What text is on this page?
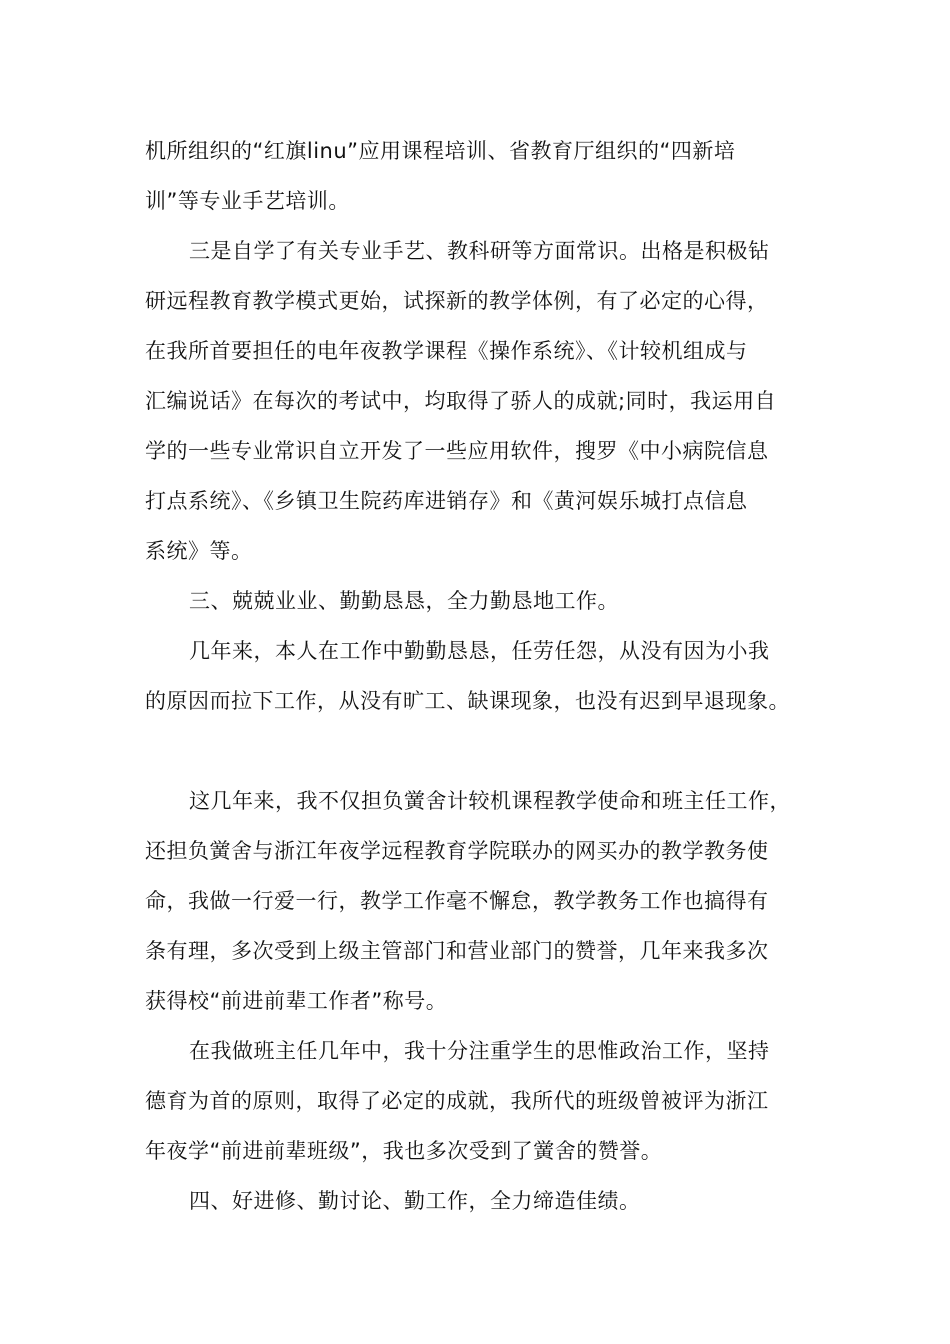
机所组织的“红旗linu”应用课程培训、省教育厅组织的“四新培
训”等专业手艺培训。
三是自学了有关专业手艺、教科研等方面常识。出格是积极钻
研远程教育教学模式更始，试探新的教学体例，有了必定的心得，
在我所首要担任的电年夜教学课程《操作系统》、《计较机组成与
汇编说话》在每次的考试中，均取得了骄人的成就;同时，我运用自
学的一些专业常识自立开发了一些应用软件，搜罗《中小病院信息
打点系统》、《乡镇卫生院药库进销存》和《黄河娱乐城打点信息
系统》等。
三、兢兢业业、勤勤恳恳，全力勤恳地工作。
几年来，本人在工作中勤勤恳恳，任劳任怨，从没有因为小我
的原因而拉下工作，从没有旷工、缺课现象，也没有迟到早退现象。
这几年来，我不仅担负黉舍计较机课程教学使命和班主任工作，
还担负黉舍与浙江年夜学远程教育学院联办的网买办的教学教务使
命，我做一行爱一行，教学工作毫不懈怠，教学教务工作也搞得有
条有理，多次受到上级主管部门和营业部门的赞誉，几年来我多次
获得校“前进前辈工作者”称号。
在我做班主任几年中，我十分注重学生的思惟政治工作，坚持
德育为首的原则，取得了必定的成就，我所代的班级曾被评为浙江
年夜学“前进前辈班级”，我也多次受到了黉舍的赞誉。
四、好进修、勤讨论、勤工作，全力缔造佳绩。
